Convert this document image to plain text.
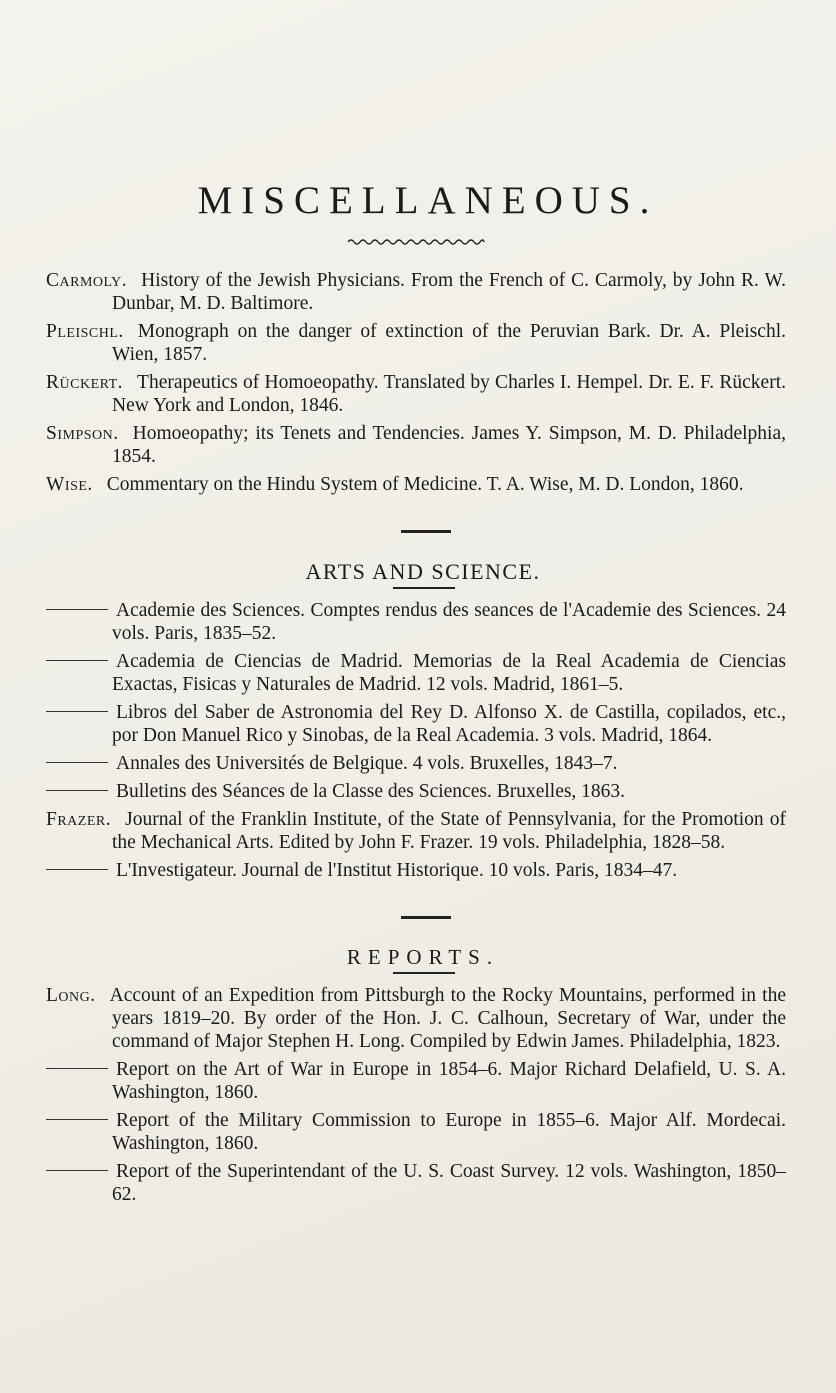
MISCELLANEOUS.

Carmoly. History of the Jewish Physicians. From the French of C. Carmoly, by John R. W. Dunbar, M. D. Baltimore.

Pleischl. Monograph on the danger of extinction of the Peruvian Bark. Dr. A. Pleischl. Wien, 1857.

Rückert. Therapeutics of Homoeopathy. Translated by Charles I. Hempel. Dr. E. F. Rückert. New York and London, 1846.

Simpson. Homoeopathy; its Tenets and Tendencies. James Y. Simpson, M. D. Philadelphia, 1854.

Wise. Commentary on the Hindu System of Medicine. T. A. Wise, M. D. London, 1860.

ARTS AND SCIENCE.

Academie des Sciences. Comptes rendus des seances de l'Academie des Sciences. 24 vols. Paris, 1835–52.

Academia de Ciencias de Madrid. Memorias de la Real Academia de Ciencias Exactas, Fisicas y Naturales de Madrid. 12 vols. Madrid, 1861–5.

Libros del Saber de Astronomia del Rey D. Alfonso X. de Castilla, copilados, etc., por Don Manuel Rico y Sinobas, de la Real Academia. 3 vols. Madrid, 1864.

Annales des Universités de Belgique. 4 vols. Bruxelles, 1843–7.

Bulletins des Séances de la Classe des Sciences. Bruxelles, 1863.

Frazer. Journal of the Franklin Institute, of the State of Pennsylvania, for the Promotion of the Mechanical Arts. Edited by John F. Frazer. 19 vols. Philadelphia, 1828–58.

L'Investigateur. Journal de l'Institut Historique. 10 vols. Paris, 1834–47.

REPORTS.

Long. Account of an Expedition from Pittsburgh to the Rocky Mountains, performed in the years 1819–20. By order of the Hon. J. C. Calhoun, Secretary of War, under the command of Major Stephen H. Long. Compiled by Edwin James. Philadelphia, 1823.

Report on the Art of War in Europe in 1854–6. Major Richard Delafield, U. S. A. Washington, 1860.

Report of the Military Commission to Europe in 1855–6. Major Alf. Mordecai. Washington, 1860.

Report of the Superintendant of the U. S. Coast Survey. 12 vols. Washington, 1850–62.
